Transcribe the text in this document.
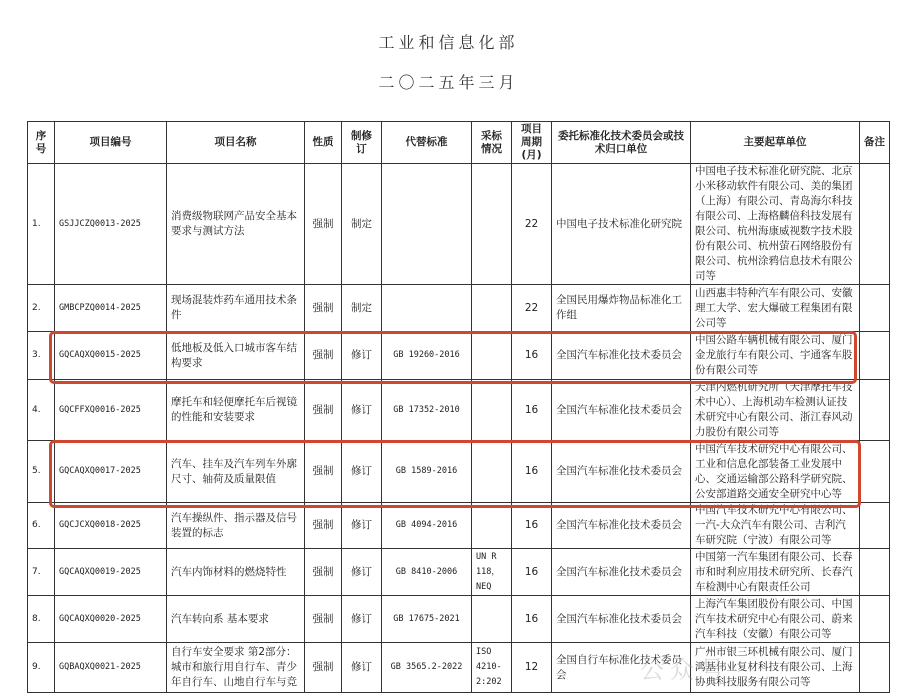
工业和信息化部
二〇二五年三月
序号	项目编号	项目名称	性质	制修订	代替标准	采标情况	项目周期(月)	委托标准化技术委员会或技术归口单位	主要起草单位	备注
1.	GSJJCZQ0013-2025	消费级物联网产品安全基本要求与测试方法	强制	制定			22	中国电子技术标准化研究院	中国电子技术标准化研究院、北京小米移动软件有限公司、美的集团（上海）有限公司、青岛海尔科技有限公司、上海格麟倍科技发展有限公司、杭州海康威视数字技术股份有限公司、杭州萤石网络股份有限公司、杭州涂鸦信息技术有限公司等	
2.	GMBCPZQ0014-2025	现场混装炸药车通用技术条件	强制	制定			22	全国民用爆炸物品标准化工作组	山西惠丰特种汽车有限公司、安徽理工大学、宏大爆破工程集团有限公司等	
3.	GQCAQXQ0015-2025	低地板及低入口城市客车结构要求	强制	修订	GB 19260-2016		16	全国汽车标准化技术委员会	中国公路车辆机械有限公司、厦门金龙旅行车有限公司、宇通客车股份有限公司等	
4.	GQCFFXQ0016-2025	摩托车和轻便摩托车后视镜的性能和安装要求	强制	修订	GB 17352-2010		16	全国汽车标准化技术委员会	天津内燃机研究所（天津摩托车技术中心）、上海机动车检测认证技术研究中心有限公司、浙江春风动力股份有限公司等	
5.	GQCAQXQ0017-2025	汽车、挂车及汽车列车外廓尺寸、轴荷及质量限值	强制	修订	GB 1589-2016		16	全国汽车标准化技术委员会	中国汽车技术研究中心有限公司、工业和信息化部装备工业发展中心、交通运输部公路科学研究院、公安部道路交通安全研究中心等	
6.	GQCJCXQ0018-2025	汽车操纵件、指示器及信号装置的标志	强制	修订	GB 4094-2016		16	全国汽车标准化技术委员会	中国汽车技术研究中心有限公司、一汽-大众汽车有限公司、吉利汽车研究院（宁波）有限公司等	
7.	GQCAQXQ0019-2025	汽车内饰材料的燃烧特性	强制	修订	GB 8410-2006	UN R 118，NEQ	16	全国汽车标准化技术委员会	中国第一汽车集团有限公司、长春市和时利应用技术研究所、长春汽车检测中心有限责任公司	
8.	GQCAQXQ0020-2025	汽车转向系 基本要求	强制	修订	GB 17675-2021		16	全国汽车标准化技术委员会	上海汽车集团股份有限公司、中国汽车技术研究中心有限公司、蔚来汽车科技（安徽）有限公司等	
9.	GQBAQXQ0021-2025	自行车安全要求 第2部分：城市和旅行用自行车、青少年自行车、山地自行车与竞	强制	修订	GB 3565.2-2022	ISO 4210-2:202	12	全国自行车标准化技术委员会	广州市银三环机械有限公司、厦门鸿基伟业复材科技有限公司、上海协典科技服务有限公司等	
公众号
